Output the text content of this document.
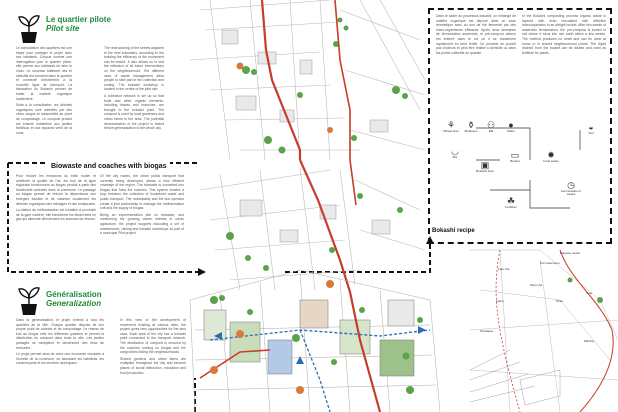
Le quartier pilote
Pilot site

Le consultation des quartiers est une étape pour partager le projet avec ses habitants. Conçue comme une interrogation pour le quartier pilote, elle permet aux habitants de faire le choix. Le nouveau bâtiment des tri sélectifs est construit dans le quartier et connecté directement à la nouvelle ligne de transport. La fabrication du Bokashi permet de traiter la matière organique localement.

Suite à la consultation, les déchets organiques sont collectés par des vélos cargos et rassemblés au point de compostage. Le compost produit est ensuite redistribué aux jardins familiaux et aux espaces verts de la zone.

The restructuring of the streets adjacent to the new subsidiary, according to the building the efficiency of the movement can be tested. It also allows us to test the reflection of all future interventions on the neighbourhood. The different uses of waste management allow people to take part in the collection and sorting. The bokashi workshop is located in the centre of the pilot site.

A collection network is set up so that fruits and other organic elements, including leaves and branches, are brought to the bokashi point. The compost is used by local gardeners and urban farms in the area. The potential demonstration of the project is tested before generalisation to the whole city.

Biowaste and coaches with biogas

Pour réduire les émissions du trafic routier et améliorer la qualité de l'air, les bus de la ligne régionale fonctionnent au biogaz produit à partir des biodéchets collectés dans la commune. Le passage au biogaz permet de réduire la dépendance aux énergies fossiles et de valoriser localement les déchets organiques des ménages et des restaurants.

La station de méthanisation est installée à proximité de la gare routière, elle transforme les biodéchets en gaz qui alimente directement les autocars du réseau.

Of the city routes, the urban public transport that currently being developed, allows a new efficient coverage of the region. The biowaste is converted into biogas that fuels the coaches. This system creates a loop between the collection of household waste and public transport. The municipality and the bus operator create a joint partnership to manage the methanisation unit and the supply of biogas.

Being an experimentation site on biowaste, and conforming the growing citizen interest in urban agriculture, the project supports educating a set of maintenance, raising and bokashi workshops as part of a municipal Pilot project.

Généralisation
Generalization

Dans la généralisation, le projet s'étend à tous les quartiers de la ville. Chaque quartier dispose de son propre point de collecte et de compostage. Le réseau de bus au biogaz relie les différents quartiers et permet la distribution du compost dans toute la ville. Les jardins partagés se multiplient et deviennent des lieux de rencontre.

Le projet permet ainsi de créer une économie circulaire à l'échelle de la commune, en associant les habitants, les commerçants et les services municipaux.

In this view of the development of movement existing at various sites, the project gives new opportunities for the land uses. Each area of the city has a bokashi point connected to the transport network. The distribution of compost is ensured by the coaches running on biogas and the cargo bikes linking the neighbourhoods.

Shared gardens and urban farms are multiplied throughout the city and become places of social interaction, education and food production.

Dans le cadre du processus bokashi, un mélange de matière organique est déposé dans un seau hermétique avec du son de blé fermenté par des micro-organismes efficaces. Après deux semaines de fermentation anaérobie, le pré-compost obtenu est enterré dans le sol où il se transforme rapidement en terre fertile. Ce procédé ne produit pas d'odeurs et peut être réalisé à domicile ou dans les points collectifs du quartier.
In the Bokashi composting process organic waste is layered with bran inoculated with effective microorganisms in an airtight bucket. After two weeks of anaerobic fermentation, the pre-compost is buried in soil where it turns into rich earth within a few weeks. The method produces no smell and can be done at home or in shared neighbourhood points. The liquid drained from the bucket can be diluted and used as fertiliser for plants.
⚘
Wheat bran
⚱
Molasses
⚇
EM
●
Water
◡
Mix
▣
Bokashi bran
▭
Bucket
✸
Food waste
◷
Fermentation 2 weeks
◒
Soil
☘
Fertilizer
Bokashi recipe
Papeete centre
Port autonome
Fare Ute
Motu Uta
Faa'a	Pirae
Arue
Punaauia
Mahina
